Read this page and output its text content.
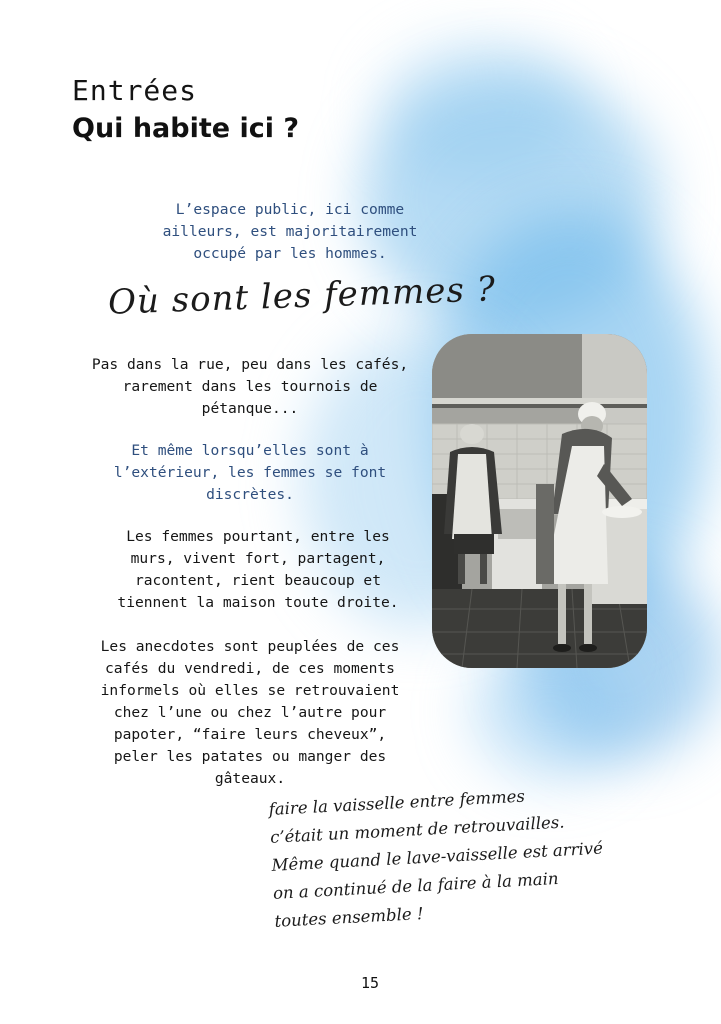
Entrées
Qui habite ici ?

L’espace public, ici comme
ailleurs, est majoritairement
occupé par les hommes.

Où sont les femmes ?

Pas dans la rue, peu dans les cafés,
rarement dans les tournois de
pétanque...

Et même lorsqu’elles sont à
l’extérieur, les femmes se font
discrètes.

Les femmes pourtant, entre les
murs, vivent fort, partagent,
racontent, rient beaucoup et
tiennent la maison toute droite.

Les anecdotes sont peuplées de ces
cafés du vendredi, de ces moments
informels où elles se retrouvaient
chez l’une ou chez l’autre pour
papoter, “faire leurs cheveux”,
peler les patates ou manger des
gâteaux.

faire la vaisselle entre femmes
c’était un moment de retrouvailles.
Même quand le lave-vaisselle est arrivé
on a continué de la faire à la main
toutes ensemble !

15
